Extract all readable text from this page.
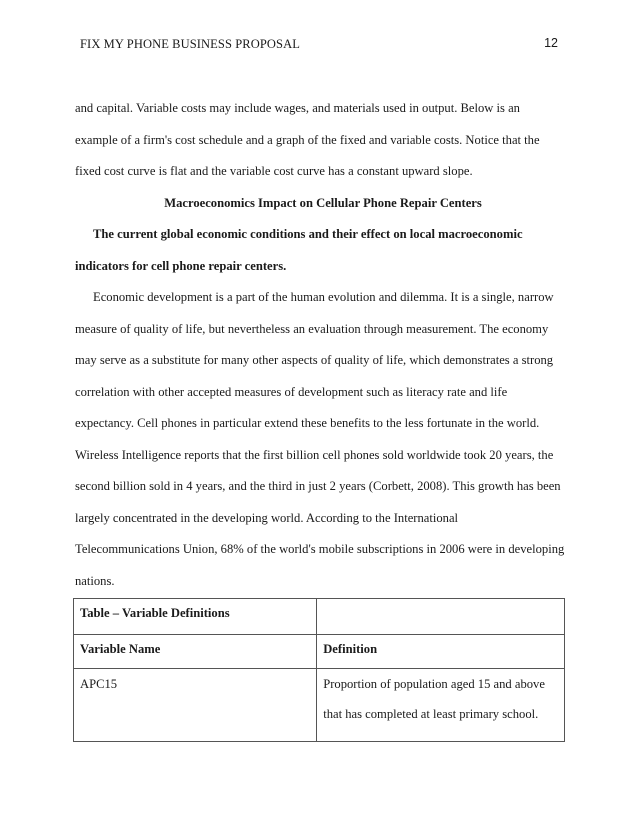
FIX MY PHONE BUSINESS PROPOSAL	12
and capital. Variable costs may include wages, and materials used in output. Below is an
example of a firm's cost schedule and a graph of the fixed and variable costs. Notice that the
fixed cost curve is flat and the variable cost curve has a constant upward slope.
Macroeconomics Impact on Cellular Phone Repair Centers
The current global economic conditions and their effect on local macroeconomic
indicators for cell phone repair centers.
Economic development is a part of the human evolution and dilemma. It is a single, narrow
measure of quality of life, but nevertheless an evaluation through measurement. The economy
may serve as a substitute for many other aspects of quality of life, which demonstrates a strong
correlation with other accepted measures of development such as literacy rate and life
expectancy. Cell phones in particular extend these benefits to the less fortunate in the world.
Wireless Intelligence reports that the first billion cell phones sold worldwide took 20 years, the
second billion sold in 4 years, and the third in just 2 years (Corbett, 2008). This growth has been
largely concentrated in the developing world. According to the International
Telecommunications Union, 68% of the world's mobile subscriptions in 2006 were in developing
nations.
Table – Variable Definitions	
Variable Name	Definition

APC15	Proportion of population aged 15 and above
that has completed at least primary school.
